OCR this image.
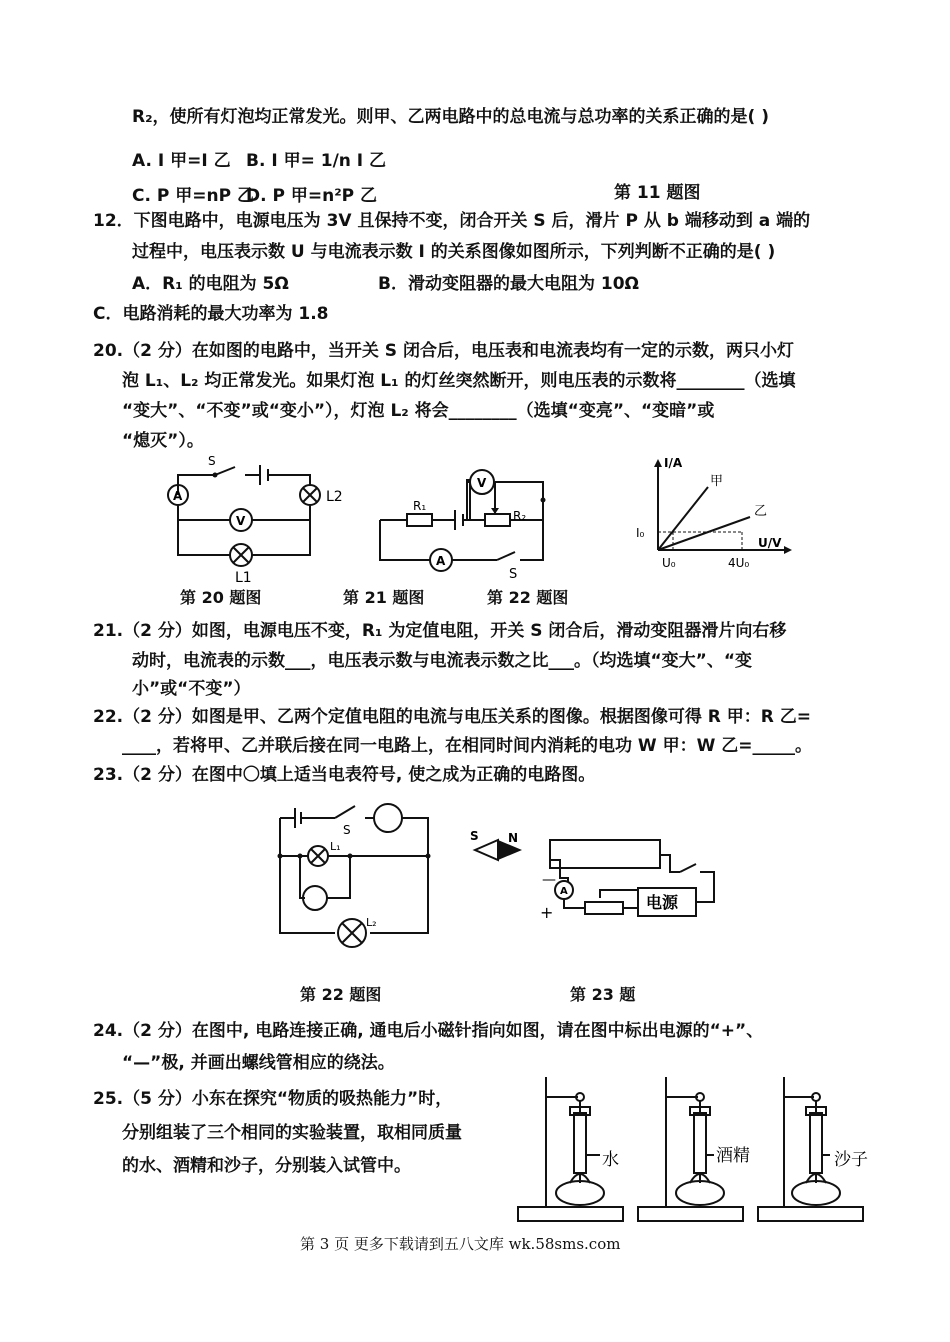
R₂，使所有灯泡均正常发光。则甲、乙两电路中的总电流与总功率的关系正确的是( )
A. I 甲=I 乙 B. I 甲= 1/n I 乙
C. P 甲=nP 乙
D. P 甲=n²P 乙	第 11 题图
12．下图电路中，电源电压为 3V 且保持不变，闭合开关 S 后，滑片 P 从 b 端移动到 a 端的
过程中，电压表示数 U 与电流表示数 I 的关系图像如图所示，下列判断不正确的是( )
A．R₁ 的电阻为 5Ω	B．滑动变阻器的最大电阻为 10Ω
C．电路消耗的最大功率为 1.8
20.（2 分）在如图的电路中，当开关 S 闭合后，电压表和电流表均有一定的示数，两只小灯
泡 L₁、L₂ 均正常发光。如果灯泡 L₁ 的灯丝突然断开，则电压表的示数将________（选填
“变大”、“不变”或“变小”），灯泡 L₂ 将会________（选填“变亮”、“变暗”或
“熄灭”）。
S
A
V
L2
L1
V
R₁
R₂
A
S
I/A
甲
乙
I₀
U/V
U₀	4U₀
第 20 题图	第 21 题图	第 22 题图
21.（2 分）如图，电源电压不变，R₁ 为定值电阻，开关 S 闭合后，滑动变阻器滑片向右移
动时，电流表的示数___，电压表示数与电流表示数之比___。（均选填“变大”、“变
小”或“不变”）
22.（2 分）如图是甲、乙两个定值电阻的电流与电压关系的图像。根据图像可得 R 甲：R 乙=
____，若将甲、乙并联后接在同一电路上，在相同时间内消耗的电功 W 甲：W 乙=_____。
23.（2 分）在图中〇填上适当电表符号, 使之成为正确的电路图。
S
L₁
L₂
S N
A
—
+
电源
第 22 题图	第 23 题
24.（2 分）在图中, 电路连接正确, 通电后小磁针指向如图，请在图中标出电源的“+”、
“—”极, 并画出螺线管相应的绕法。
25.（5 分）小东在探究“物质的吸热能力”时，
分别组装了三个相同的实验装置，取相同质量
的水、酒精和沙子，分别装入试管中。	水	酒精	沙子
第 3 页 更多下载请到五八文库 wk.58sms.com
